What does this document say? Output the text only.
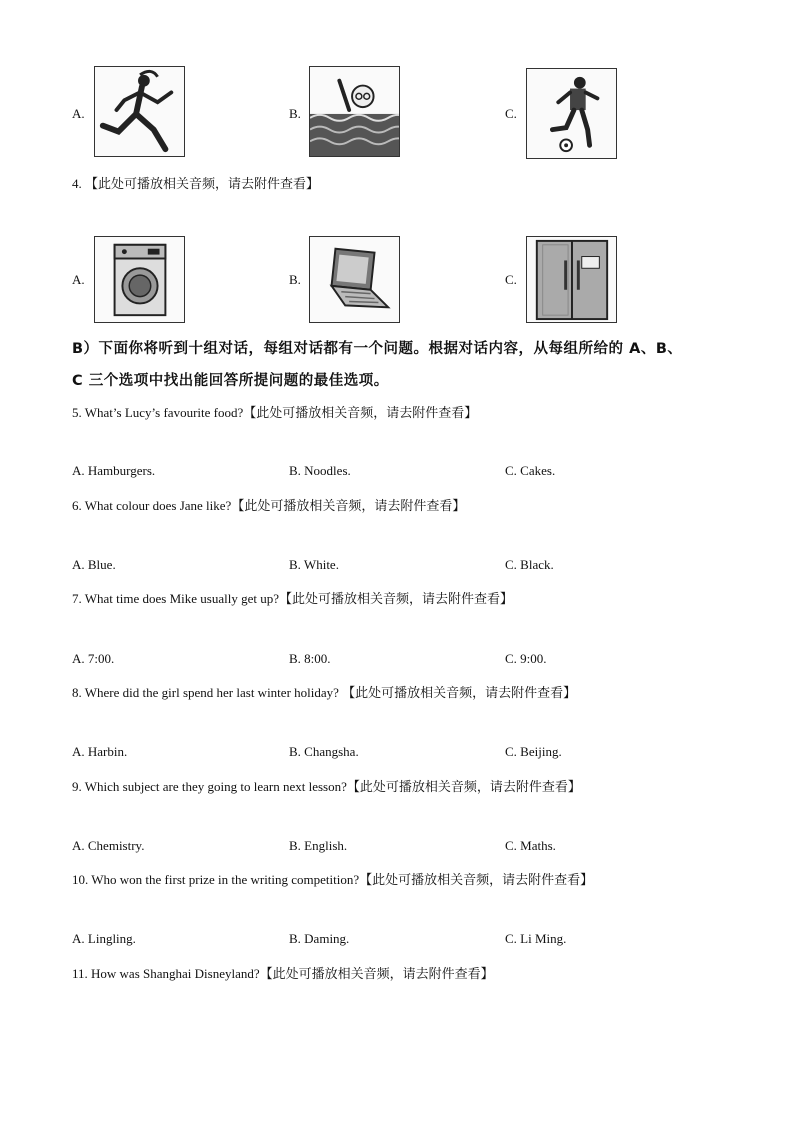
A.	B.	C.
4. 【此处可播放相关音频，请去附件查看】
A.	B.	C.
B）下面你将听到十组对话，每组对话都有一个问题。根据对话内容，从每组所给的 A、B、
C 三个选项中找出能回答所提问题的最佳选项。
5. What’s Lucy’s favourite food?【此处可播放相关音频，请去附件查看】
A. Hamburgers.	B. Noodles.	C. Cakes.
6. What colour does Jane like?【此处可播放相关音频，请去附件查看】
A. Blue.	B. White.	C. Black.
7. What time does Mike usually get up?【此处可播放相关音频，请去附件查看】
A. 7:00.	B. 8:00.	C. 9:00.
8. Where did the girl spend her last winter holiday? 【此处可播放相关音频，请去附件查看】
A. Harbin.	B. Changsha.	C. Beijing.
9. Which subject are they going to learn next lesson?【此处可播放相关音频，请去附件查看】
A. Chemistry.	B. English.	C. Maths.
10. Who won the first prize in the writing competition?【此处可播放相关音频，请去附件查看】
A. Lingling.	B. Daming.	C. Li Ming.
11. How was Shanghai Disneyland?【此处可播放相关音频，请去附件查看】
